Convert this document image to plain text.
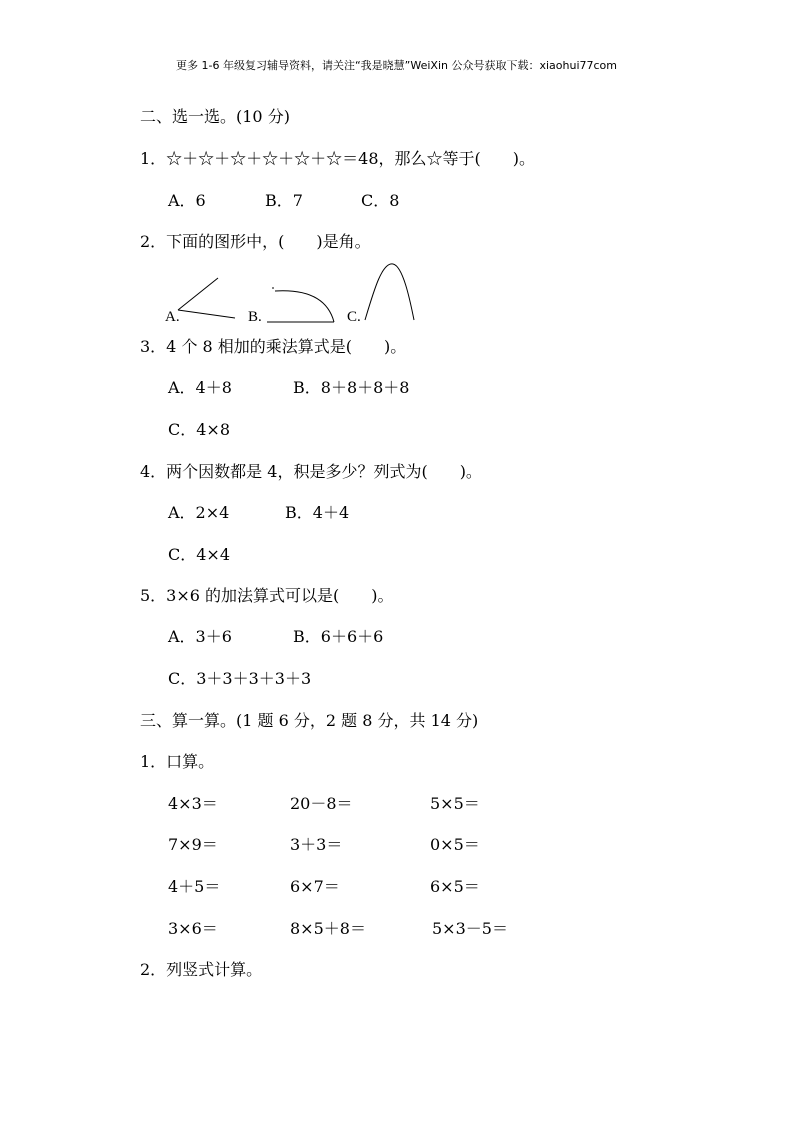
更多 1-6 年级复习辅导资料，请关注“我是晓慧”WeiXin 公众号获取下载：xiaohui77com
二、选一选。(10 分)
1．☆＋☆＋☆＋☆＋☆＋☆＝48，那么☆等于(　　)。
A．6	B．7	C．8
2．下面的图形中，(　　)是角。
A.	B.	C.
3．4 个 8 相加的乘法算式是(　　)。
A．4＋8	B．8＋8＋8＋8
C．4×8
4．两个因数都是 4，积是多少？列式为(　　)。
A．2×4	B．4＋4
C．4×4
5．3×6 的加法算式可以是(　　)。
A．3＋6	B．6＋6＋6
C．3＋3＋3＋3＋3
三、算一算。(1 题 6 分，2 题 8 分，共 14 分)
1．口算。
4×3＝	20－8＝	5×5＝
7×9＝	3＋3＝	0×5＝
4＋5＝	6×7＝	6×5＝
3×6＝	8×5＋8＝	5×3－5＝
2．列竖式计算。
